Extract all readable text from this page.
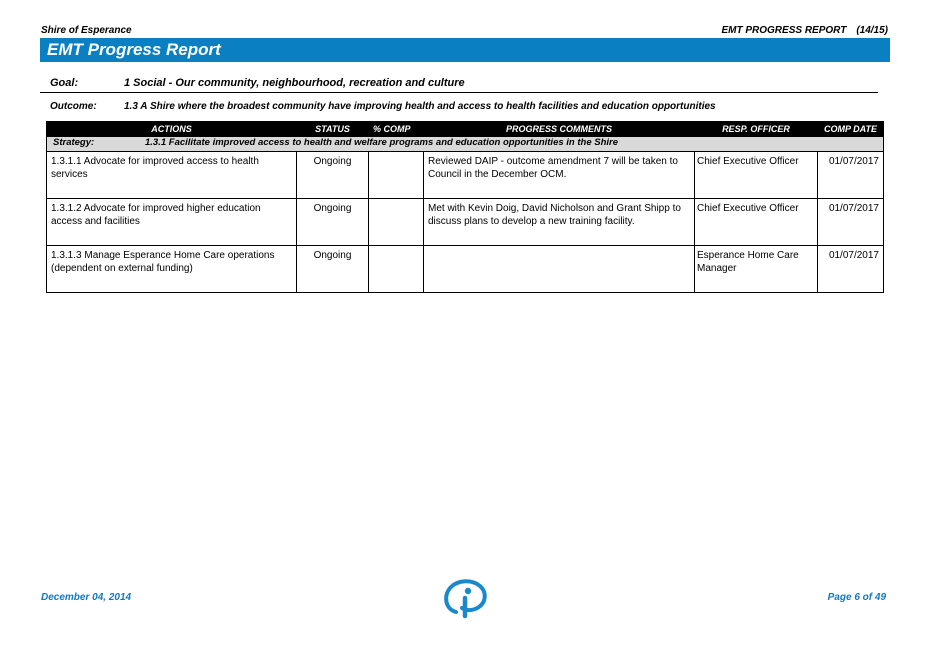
Shire of Esperance	EMT PROGRESS REPORT (14/15)
EMT Progress Report
Goal:	1 Social - Our community, neighbourhood, recreation and culture
Outcome:	1.3 A Shire where the broadest community have improving health and access to health facilities and education opportunities
ACTIONS	STATUS	% COMP	PROGRESS COMMENTS	RESP. OFFICER	COMP DATE
Strategy: 1.3.1 Facilitate improved access to health and welfare programs and education opportunities in the Shire					
1.3.1.1 Advocate for improved access to health services	Ongoing		Reviewed DAIP - outcome amendment 7 will be taken to Council in the December OCM.	Chief Executive Officer	01/07/2017
1.3.1.2 Advocate for improved higher education access and facilities	Ongoing		Met with Kevin Doig, David Nicholson and Grant Shipp to discuss plans to develop a new training facility.	Chief Executive Officer	01/07/2017
1.3.1.3 Manage Esperance Home Care operations (dependent on external funding)	Ongoing			Esperance Home Care Manager	01/07/2017
December 04, 2014	Page 6 of 49
